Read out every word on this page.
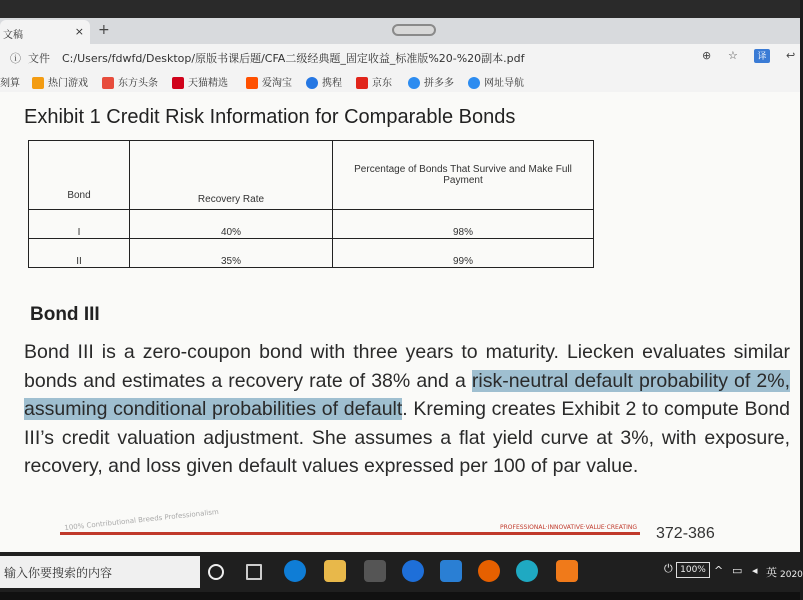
文稿	× +
ⓘ 文件 C:/Users/fdwfd/Desktop/原版书课后题/CFA二级经典题_固定收益_标准版%20-%20副本.pdf	⊕ ☆	译	↩
刻算	热门游戏	东方头条	天猫精选	爱淘宝	携程	京东	拼多多	网址导航
Exhibit 1 Credit Risk Information for Comparable Bonds
Bond	Recovery Rate	Percentage of Bonds That Survive and Make Full Payment
I	40%	98%
II	35%	99%
Bond III
Bond III is a zero-coupon bond with three years to maturity. Liecken evaluates similar bonds and estimates a recovery rate of 38% and a risk-neutral default probability of 2%, assuming conditional probabilities of default. Kreming creates Exhibit 2 to compute Bond III’s credit valuation adjustment. She assumes a flat yield curve at 3%, with exposure, recovery, and loss given default values expressed per 100 of par value.
100% Contributional Breeds Professionalism	PROFESSIONAL·INNOVATIVE·VALUE·CREATING 372-386
输入你要搜索的内容	⏻ 100% ^ ▭ ◂ 英 2020
